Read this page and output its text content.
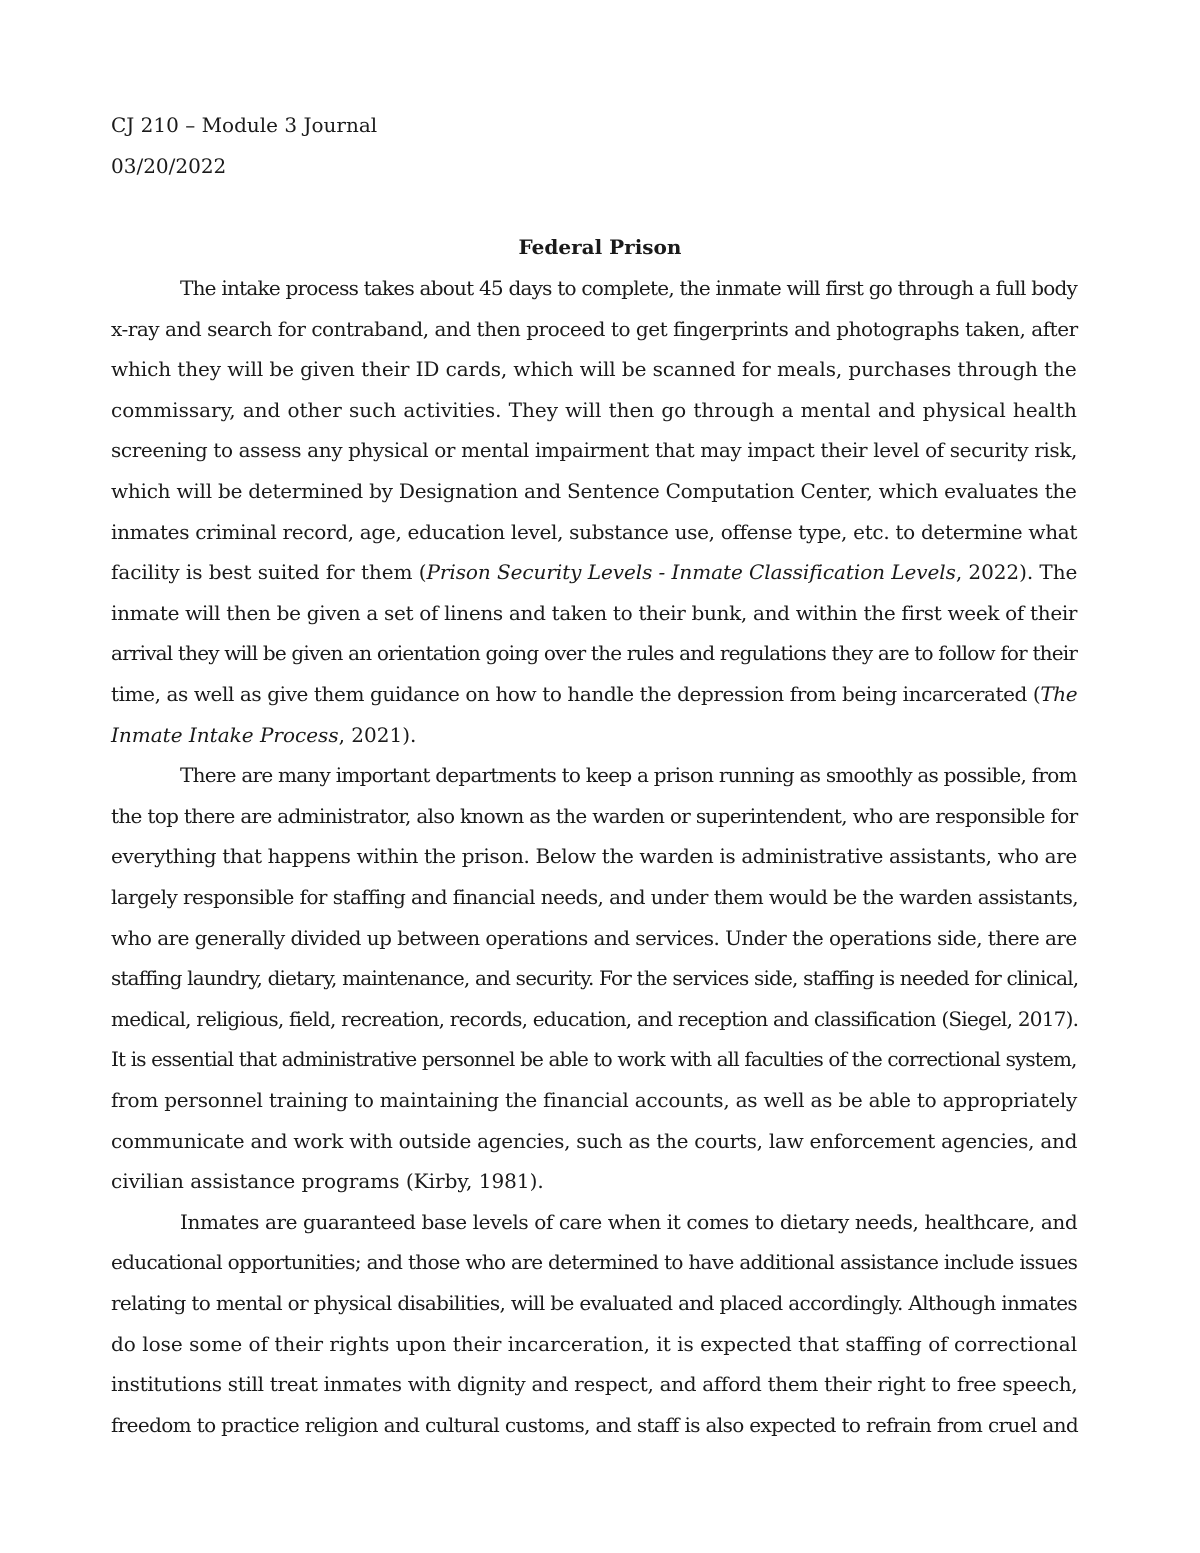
CJ 210 – Module 3 Journal
03/20/2022
Federal Prison
The intake process takes about 45 days to complete, the inmate will first go through a full body
x-ray and search for contraband, and then proceed to get fingerprints and photographs taken, after
which they will be given their ID cards, which will be scanned for meals, purchases through the
commissary, and other such activities. They will then go through a mental and physical health
screening to assess any physical or mental impairment that may impact their level of security risk,
which will be determined by Designation and Sentence Computation Center, which evaluates the
inmates criminal record, age, education level, substance use, offense type, etc. to determine what
facility is best suited for them (Prison Security Levels - Inmate Classification Levels, 2022). The
inmate will then be given a set of linens and taken to their bunk, and within the first week of their
arrival they will be given an orientation going over the rules and regulations they are to follow for their
time, as well as give them guidance on how to handle the depression from being incarcerated (The
Inmate Intake Process, 2021).
There are many important departments to keep a prison running as smoothly as possible, from
the top there are administrator, also known as the warden or superintendent, who are responsible for
everything that happens within the prison. Below the warden is administrative assistants, who are
largely responsible for staffing and financial needs, and under them would be the warden assistants,
who are generally divided up between operations and services. Under the operations side, there are
staffing laundry, dietary, maintenance, and security. For the services side, staffing is needed for clinical,
medical, religious, field, recreation, records, education, and reception and classification (Siegel, 2017).
It is essential that administrative personnel be able to work with all faculties of the correctional system,
from personnel training to maintaining the financial accounts, as well as be able to appropriately
communicate and work with outside agencies, such as the courts, law enforcement agencies, and
civilian assistance programs (Kirby, 1981).
Inmates are guaranteed base levels of care when it comes to dietary needs, healthcare, and
educational opportunities; and those who are determined to have additional assistance include issues
relating to mental or physical disabilities, will be evaluated and placed accordingly. Although inmates
do lose some of their rights upon their incarceration, it is expected that staffing of correctional
institutions still treat inmates with dignity and respect, and afford them their right to free speech,
freedom to practice religion and cultural customs, and staff is also expected to refrain from cruel and
